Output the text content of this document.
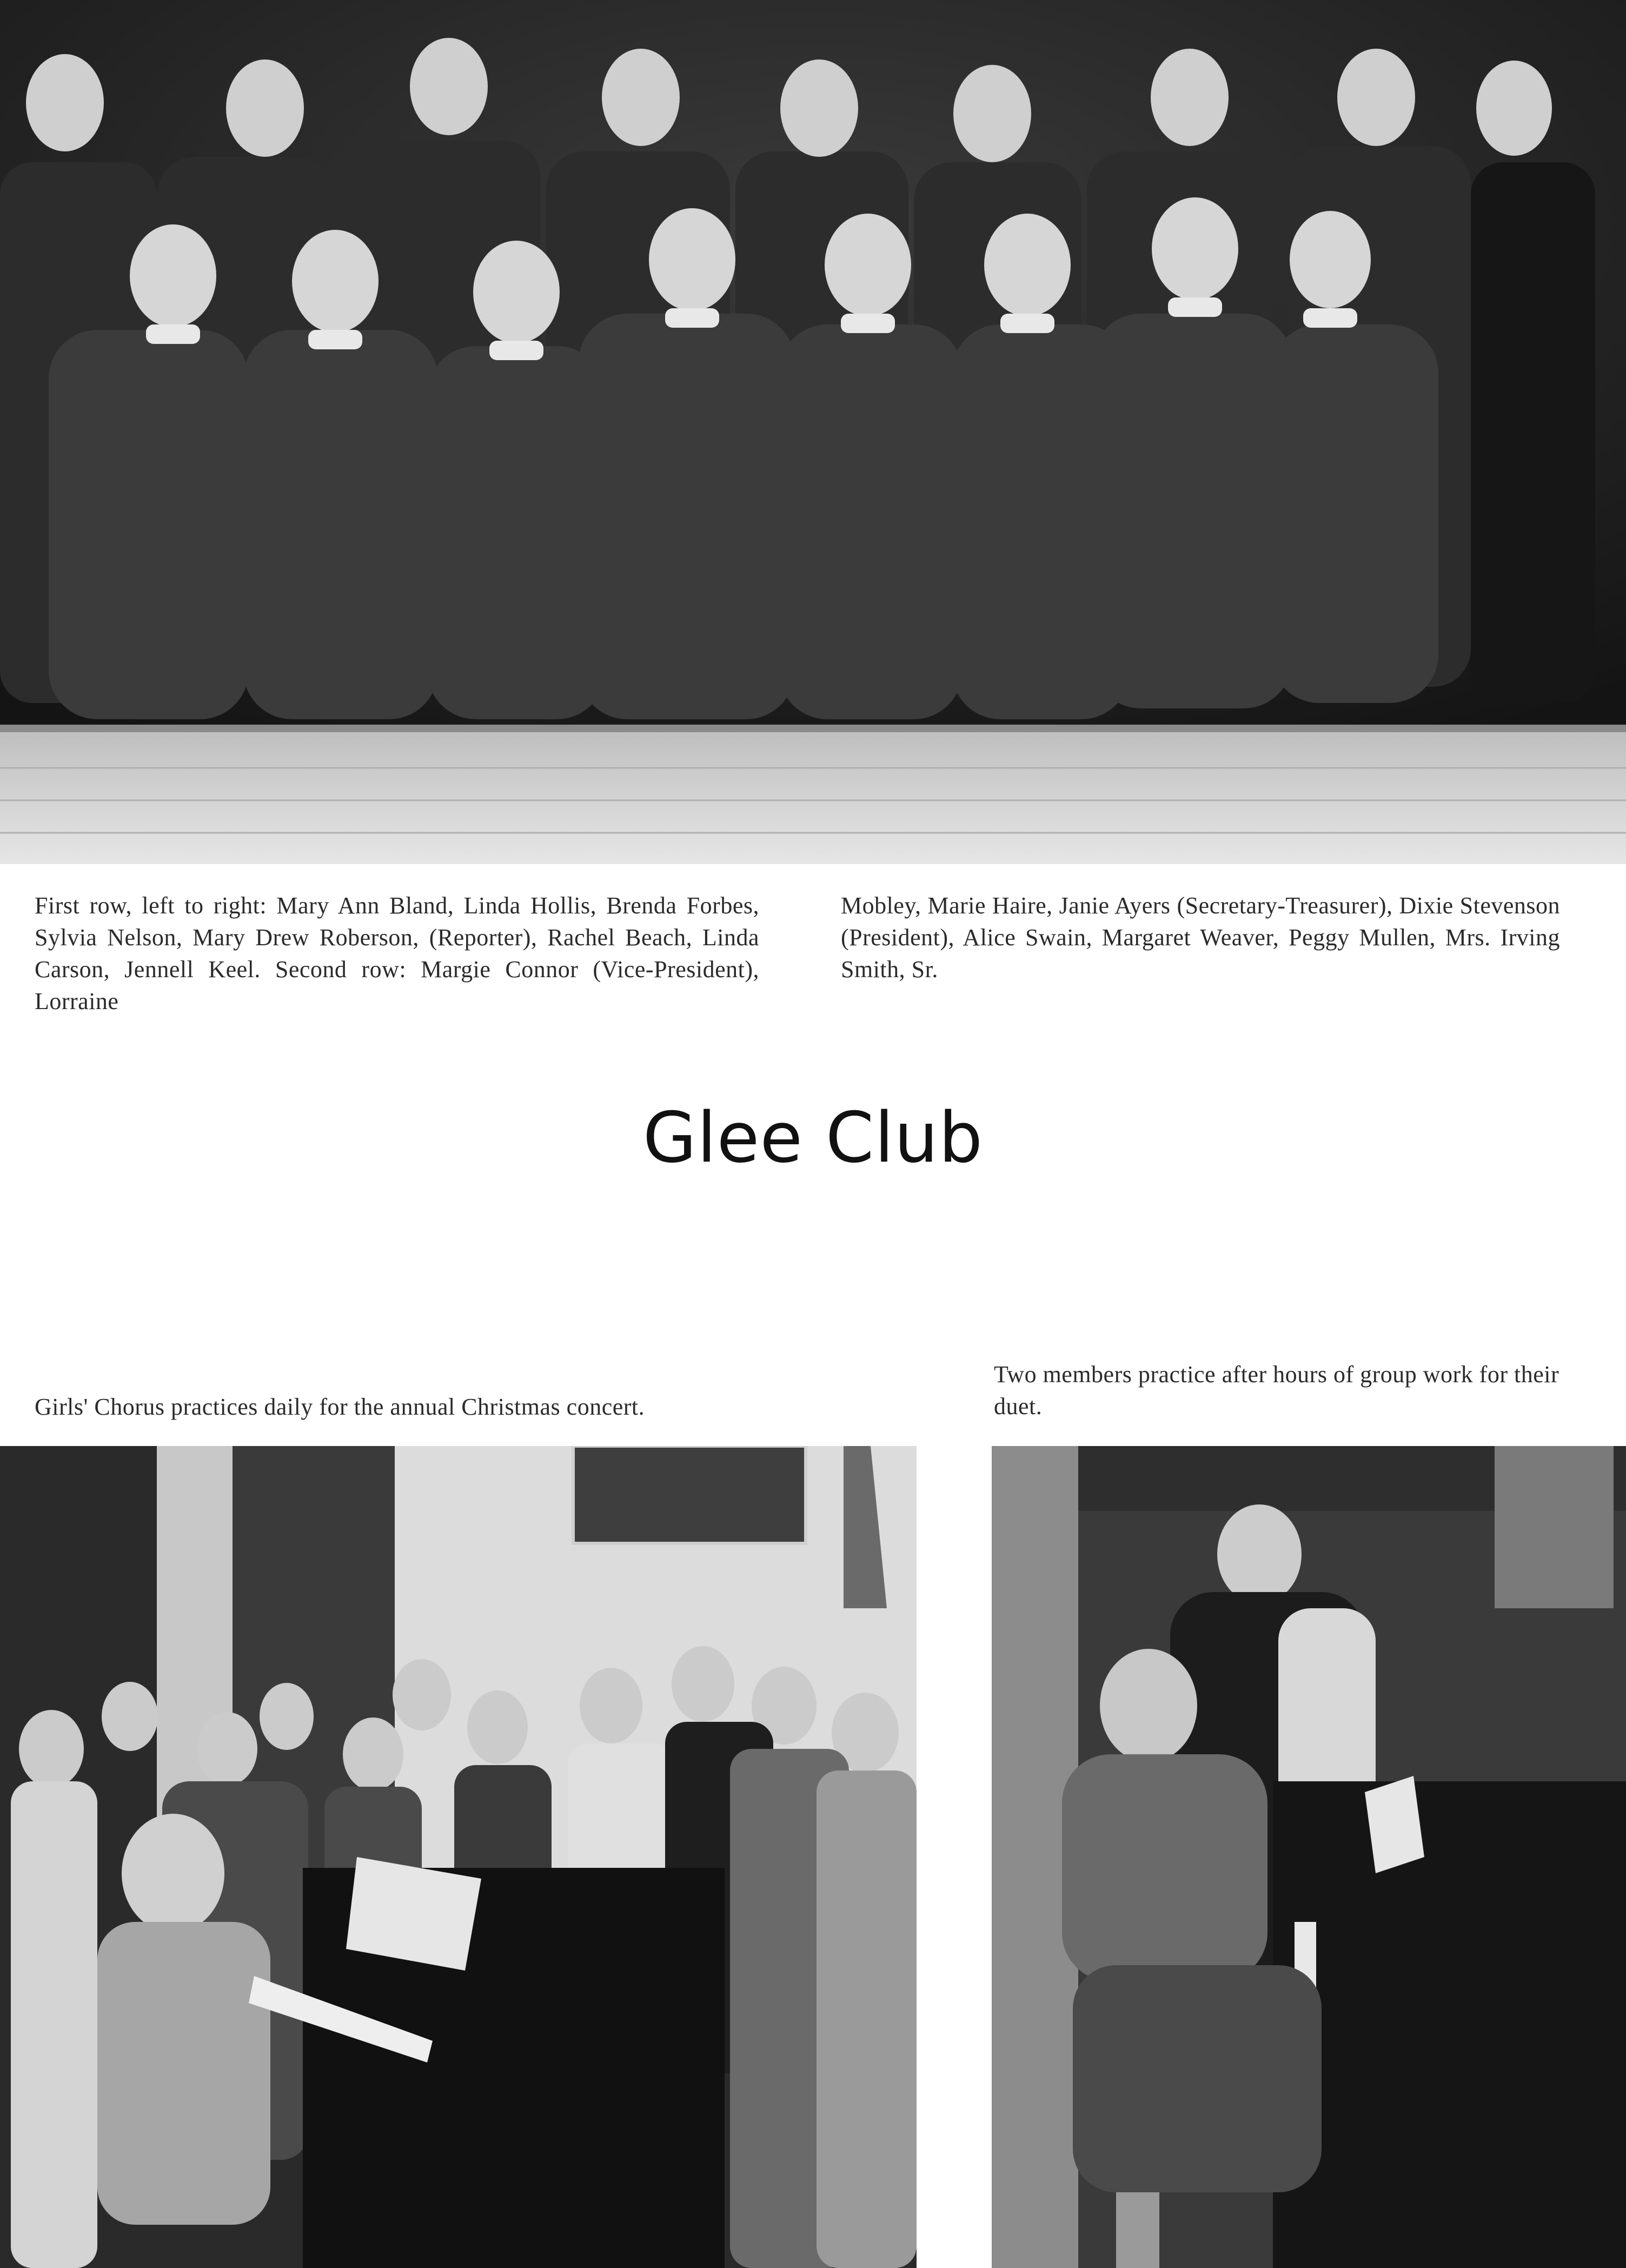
First row, left to right: Mary Ann Bland, Linda Hollis, Brenda Forbes, Sylvia Nelson, Mary Drew Roberson, (Reporter), Rachel Beach, Linda Carson, Jennell Keel. Second row: Margie Connor (Vice-President), Lorraine
Mobley, Marie Haire, Janie Ayers (Secretary-Treasurer), Dixie Stevenson (President), Alice Swain, Margaret Weaver, Peggy Mullen, Mrs. Irving Smith, Sr.
Glee Club
Girls' Chorus practices daily for the annual Christmas concert.
Two members practice after hours of group work for their duet.
